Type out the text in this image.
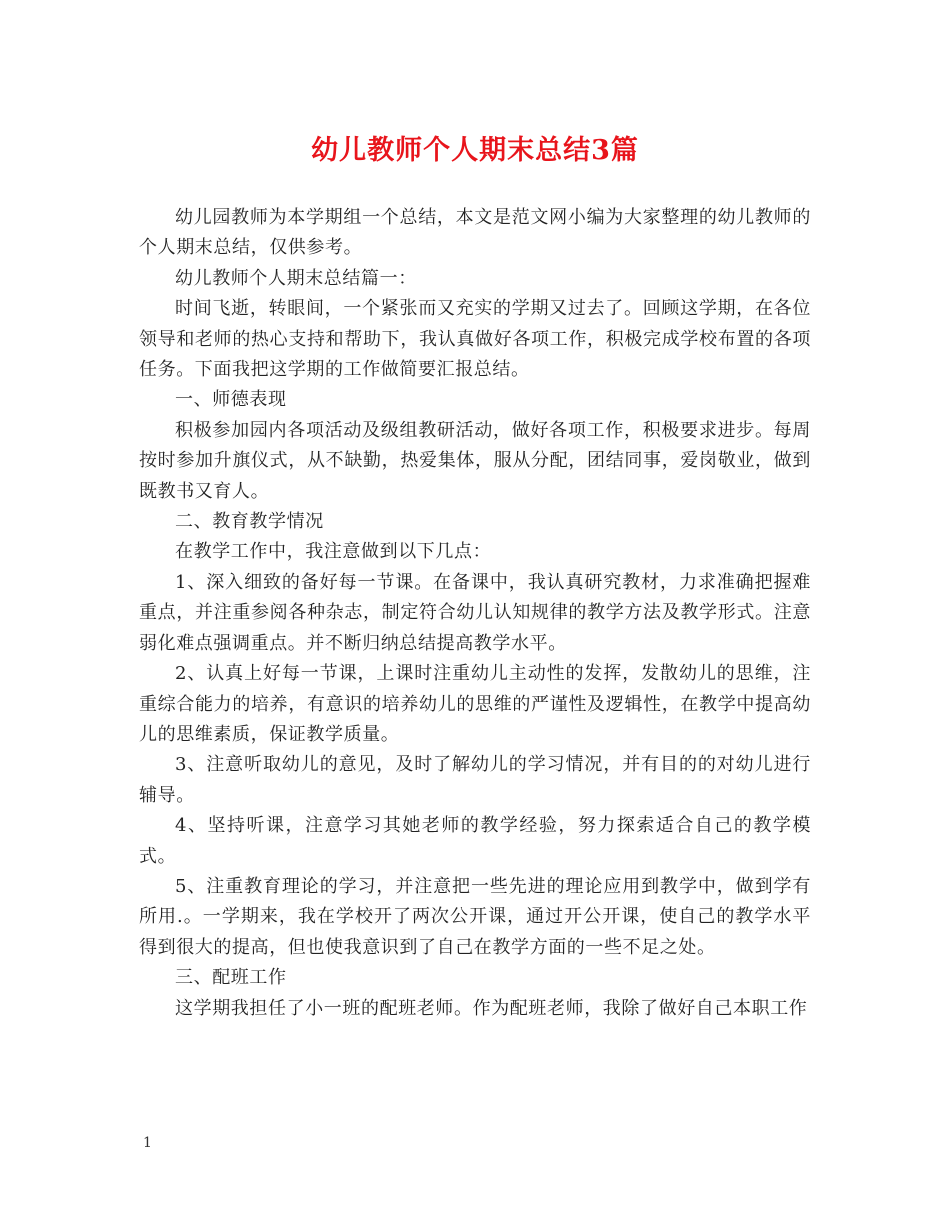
幼儿教师个人期末总结3篇

幼儿园教师为本学期组一个总结，本文是范文网小编为大家整理的幼儿教师的个人期末总结，仅供参考。

幼儿教师个人期末总结篇一：

时间飞逝，转眼间，一个紧张而又充实的学期又过去了。回顾这学期，在各位领导和老师的热心支持和帮助下，我认真做好各项工作，积极完成学校布置的各项任务。下面我把这学期的工作做简要汇报总结。

一、师德表现

积极参加园内各项活动及级组教研活动，做好各项工作，积极要求进步。每周按时参加升旗仪式，从不缺勤，热爱集体，服从分配，团结同事，爱岗敬业，做到既教书又育人。

二、教育教学情况

在教学工作中，我注意做到以下几点：

1、深入细致的备好每一节课。在备课中，我认真研究教材，力求准确把握难重点，并注重参阅各种杂志，制定符合幼儿认知规律的教学方法及教学形式。注意弱化难点强调重点。并不断归纳总结提高教学水平。

2、认真上好每一节课，上课时注重幼儿主动性的发挥，发散幼儿的思维，注重综合能力的培养，有意识的培养幼儿的思维的严谨性及逻辑性，在教学中提高幼儿的思维素质，保证教学质量。

3、注意听取幼儿的意见，及时了解幼儿的学习情况，并有目的的对幼儿进行辅导。

4、坚持听课，注意学习其她老师的教学经验，努力探索适合自己的教学模式。

5、注重教育理论的学习，并注意把一些先进的理论应用到教学中，做到学有所用.。一学期来，我在学校开了两次公开课，通过开公开课，使自己的教学水平得到很大的提高，但也使我意识到了自己在教学方面的一些不足之处。

三、配班工作

这学期我担任了小一班的配班老师。作为配班老师，我除了做好自己本职工作

1
